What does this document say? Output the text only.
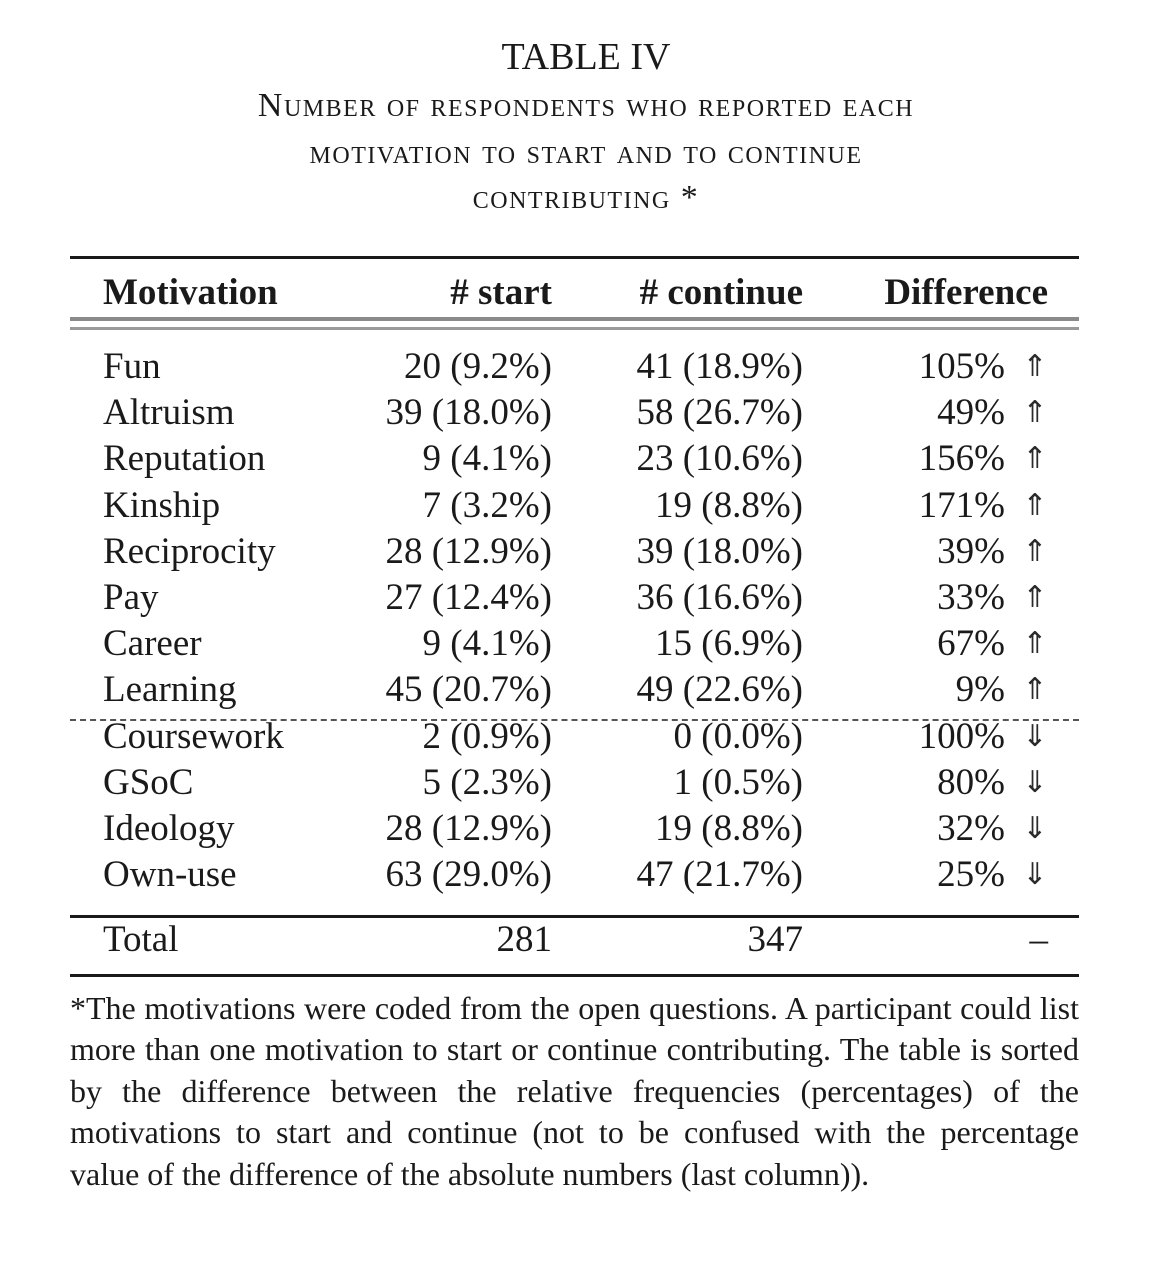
TABLE IV
Number of respondents who reported each
motivation to start and to continue
contributing *
Motivation	# start # continue Difference
Fun	20 (9.2%) 41 (18.9%)	105% ⇑
Altruism	39 (18.0%) 58 (26.7%)	49% ⇑
Reputation	9 (4.1%) 23 (10.6%)	156% ⇑
Kinship	7 (3.2%)	19 (8.8%)	171% ⇑
Reciprocity	28 (12.9%) 39 (18.0%)	39% ⇑
Pay	27 (12.4%) 36 (16.6%)	33% ⇑
Career	9 (4.1%)	15 (6.9%)	67% ⇑
Learning	45 (20.7%) 49 (22.6%)	9% ⇑
Coursework	2 (0.9%)	0 (0.0%)	100% ⇓
GSoC	5 (2.3%)	1 (0.5%)	80% ⇓
Ideology	28 (12.9%)	19 (8.8%)	32% ⇓
Own-use	63 (29.0%) 47 (21.7%)	25% ⇓
Total	281	347	–
*The motivations were coded from the open questions. A participant could list more than one motivation to start or continue contributing. The table is sorted by the difference between the relative frequencies (percentages) of the motivations to start and continue (not to be confused with the percentage value of the difference of the absolute numbers (last column)).
